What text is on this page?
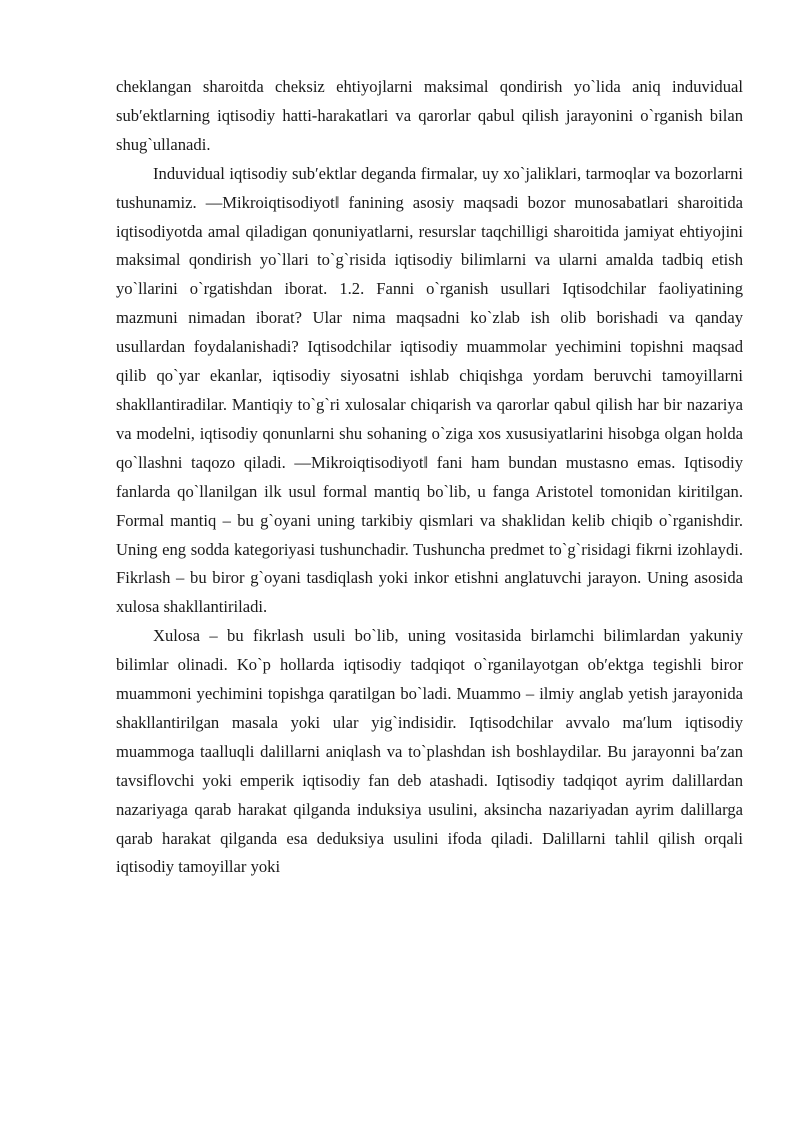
cheklangan sharoitda cheksiz ehtiyojlarni maksimal qondirish yo`lida aniq induvidual sub′ektlarning iqtisodiy hatti-harakatlari va qarorlar qabul qilish jarayonini o`rganish bilan shug`ullanadi.

Induvidual iqtisodiy sub′ektlar deganda firmalar, uy xo`jaliklari, tarmoqlar va bozorlarni tushunamiz. ―Mikroiqtisodiyot‖ fanining asosiy maqsadi bozor munosabatlari sharoitida iqtisodiyotda amal qiladigan qonuniyatlarni, resurslar taqchilligi sharoitida jamiyat ehtiyojini maksimal qondirish yo`llari to`g`risida iqtisodiy bilimlarni va ularni amalda tadbiq etish yo`llarini o`rgatishdan iborat. 1.2. Fanni o`rganish usullari Iqtisodchilar faoliyatining mazmuni nimadan iborat? Ular nima maqsadni ko`zlab ish olib borishadi va qanday usullardan foydalanishadi? Iqtisodchilar iqtisodiy muammolar yechimini topishni maqsad qilib qo`yar ekanlar, iqtisodiy siyosatni ishlab chiqishga yordam beruvchi tamoyillarni shakllantiradilar. Mantiqiy to`g`ri xulosalar chiqarish va qarorlar qabul qilish har bir nazariya va modelni, iqtisodiy qonunlarni shu sohaning o`ziga xos xususiyatlarini hisobga olgan holda qo`llashni taqozo qiladi. ―Mikroiqtisodiyot‖ fani ham bundan mustasno emas. Iqtisodiy fanlarda qo`llanilgan ilk usul formal mantiq bo`lib, u fanga Aristotel tomonidan kiritilgan. Formal mantiq – bu g`oyani uning tarkibiy qismlari va shaklidan kelib chiqib o`rganishdir. Uning eng sodda kategoriyasi tushunchadir. Tushuncha predmet to`g`risidagi fikrni izohlaydi. Fikrlash – bu biror g`oyani tasdiqlash yoki inkor etishni anglatuvchi jarayon. Uning asosida xulosa shakllantiriladi.

Xulosa – bu fikrlash usuli bo`lib, uning vositasida birlamchi bilimlardan yakuniy bilimlar olinadi. Ko`p hollarda iqtisodiy tadqiqot o`rganilayotgan ob′ektga tegishli biror muammoni yechimini topishga qaratilgan bo`ladi. Muammo – ilmiy anglab yetish jarayonida shakllantirilgan masala yoki ular yig`indisidir. Iqtisodchilar avvalo ma′lum iqtisodiy muammoga taalluqli dalillarni aniqlash va to`plashdan ish boshlaydilar. Bu jarayonni ba′zan tavsiflovchi yoki emperik iqtisodiy fan deb atashadi. Iqtisodiy tadqiqot ayrim dalillardan nazariyaga qarab harakat qilganda induksiya usulini, aksincha nazariyadan ayrim dalillarga qarab harakat qilganda esa deduksiya usulini ifoda qiladi. Dalillarni tahlil qilish orqali iqtisodiy tamoyillar yoki
